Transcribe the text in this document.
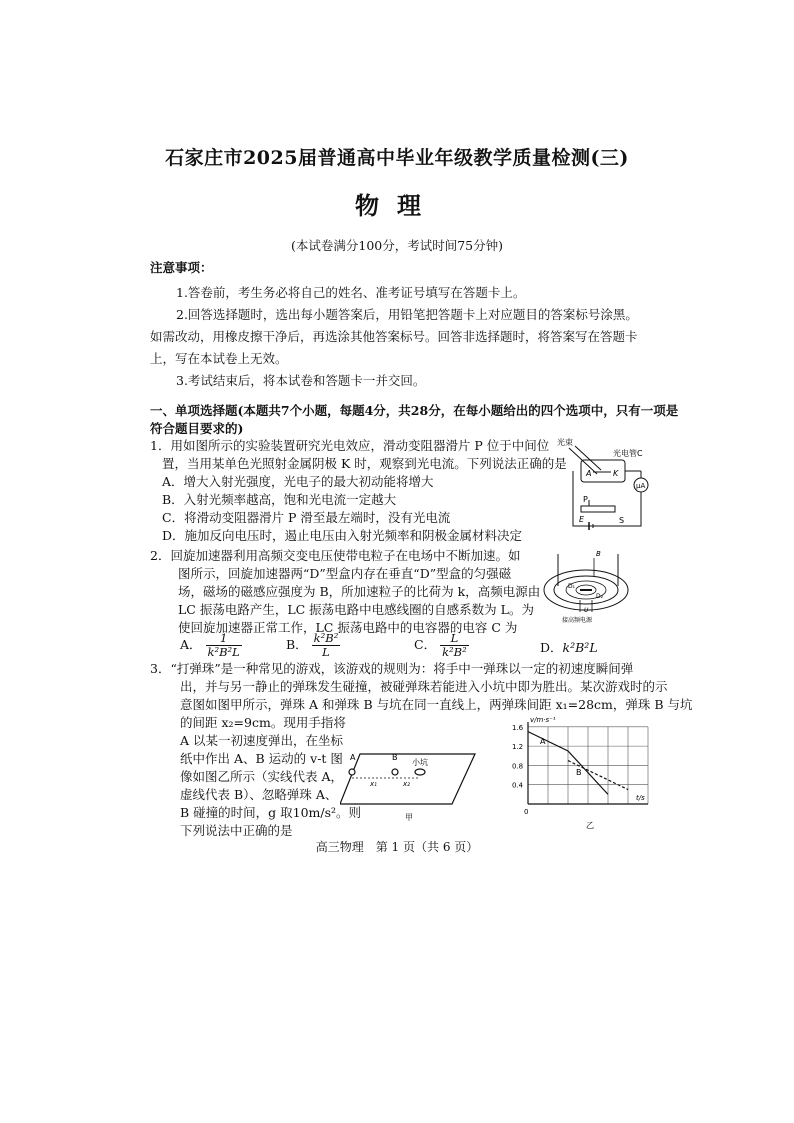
石家庄市2025届普通高中毕业年级教学质量检测(三)
物理
(本试卷满分100分，考试时间75分钟)
注意事项：
1.答卷前，考生务必将自己的姓名、准考证号填写在答题卡上。
2.回答选择题时，选出每小题答案后，用铅笔把答题卡上对应题目的答案标号涂黑。如需改动，用橡皮擦干净后，再选涂其他答案标号。回答非选择题时，将答案写在答题卡上，写在本试卷上无效。
3.考试结束后，将本试卷和答题卡一并交回。
一、单项选择题(本题共7个小题，每题4分，共28分，在每小题给出的四个选项中，只有一项是
符合题目要求的)
1．用如图所示的实验装置研究光电效应，滑动变阻器滑片 P 位于中间位
置，当用某单色光照射金属阴极 K 时，观察到光电流。下列说法正确的是
A．增大入射光强度，光电子的最大初动能将增大
B．入射光频率越高，饱和光电流一定越大
C．将滑动变阻器滑片 P 滑至最左端时，没有光电流
D．施加反向电压时，遏止电压由入射光频率和阴极金属材料决定
光束
光电管C
A	K
μA
P
E	S
2．回旋加速器利用高频交变电压使带电粒子在电场中不断加速。如
图所示，回旋加速器两“D”型盒内存在垂直“D”型盒的匀强磁
场，磁场的磁感应强度为 B，所加速粒子的比荷为 k，高频电源由
LC 振荡电路产生，LC 振荡电路中电感线圈的自感系数为 L。为
使回旋加速器正常工作，LC 振荡电路中的电容器的电容 C 为
A． $\frac{1}{\text{k²B²L}}$	B． $\frac{\text{k²B²}}{L}$	C． $\frac{L}{\text{k²B²}}$	D．k²B²L
B
D₁
D₂
U
接高频电源
3．“打弹珠”是一种常见的游戏，该游戏的规则为：将手中一弹珠以一定的初速度瞬间弹
出，并与另一静止的弹珠发生碰撞，被碰弹珠若能进入小坑中即为胜出。某次游戏时的示
意图如图甲所示，弹珠 A 和弹珠 B 与坑在同一直线上，两弹珠间距 x₁=28cm，弹珠 B 与坑
的间距 x₂=9cm。现用手指将
A 以某一初速度弹出，在坐标
纸中作出 A、B 运动的 v-t 图
像如图乙所示（实线代表 A，
虚线代表 B）、忽略弹珠 A、
B 碰撞的时间，g 取10m/s²。则
下列说法中正确的是
A	B
小坑
x₁	x₂
甲
v/m·s⁻¹
t/s
0
0.4
0.8
1.2
1.6
A
B
乙
高三物理　第 1 页（共 6 页）
